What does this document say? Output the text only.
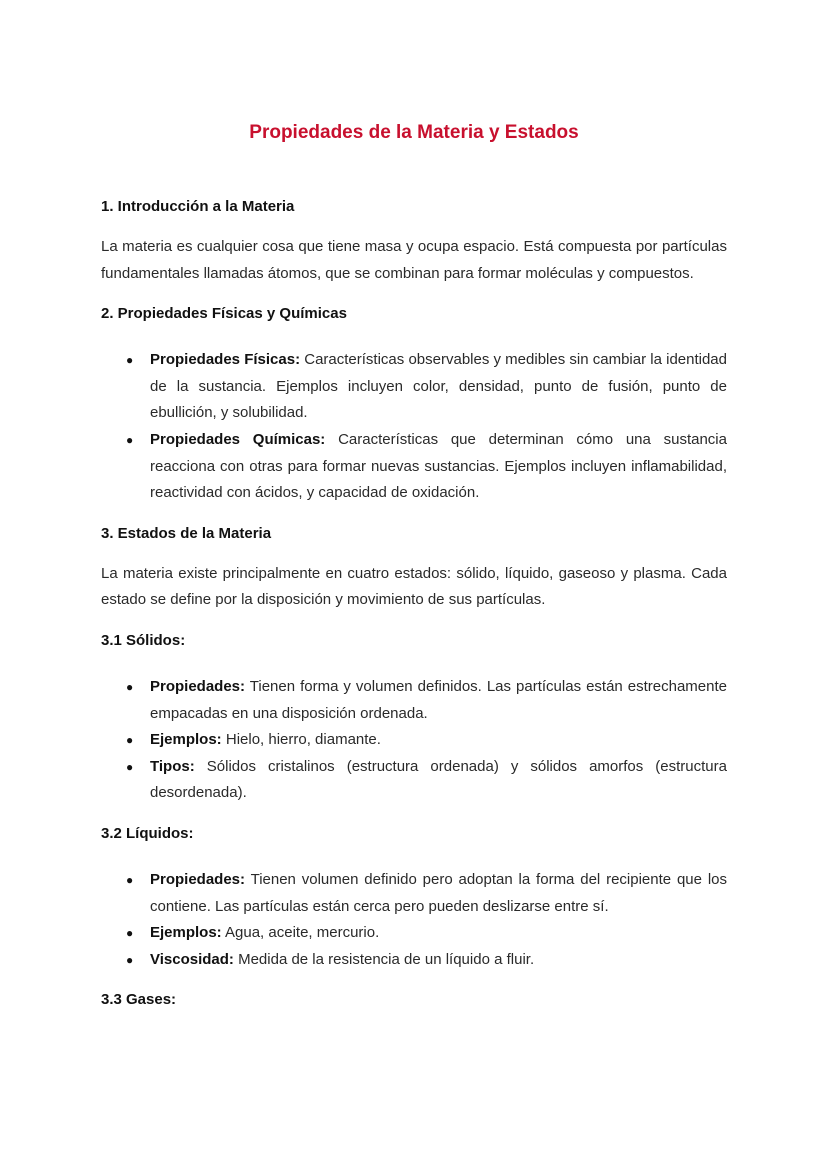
Propiedades de la Materia y Estados
1. Introducción a la Materia
La materia es cualquier cosa que tiene masa y ocupa espacio. Está compuesta por partículas fundamentales llamadas átomos, que se combinan para formar moléculas y compuestos.
2. Propiedades Físicas y Químicas
● Propiedades Físicas: Características observables y medibles sin cambiar la identidad de la sustancia. Ejemplos incluyen color, densidad, punto de fusión, punto de ebullición, y solubilidad.
● Propiedades Químicas: Características que determinan cómo una sustancia reacciona con otras para formar nuevas sustancias. Ejemplos incluyen inflamabilidad, reactividad con ácidos, y capacidad de oxidación.
3. Estados de la Materia
La materia existe principalmente en cuatro estados: sólido, líquido, gaseoso y plasma. Cada estado se define por la disposición y movimiento de sus partículas.
3.1 Sólidos:
● Propiedades: Tienen forma y volumen definidos. Las partículas están estrechamente empacadas en una disposición ordenada.
● Ejemplos: Hielo, hierro, diamante.
● Tipos: Sólidos cristalinos (estructura ordenada) y sólidos amorfos (estructura desordenada).
3.2 Líquidos:
● Propiedades: Tienen volumen definido pero adoptan la forma del recipiente que los contiene. Las partículas están cerca pero pueden deslizarse entre sí.
● Ejemplos: Agua, aceite, mercurio.
● Viscosidad: Medida de la resistencia de un líquido a fluir.
3.3 Gases:
